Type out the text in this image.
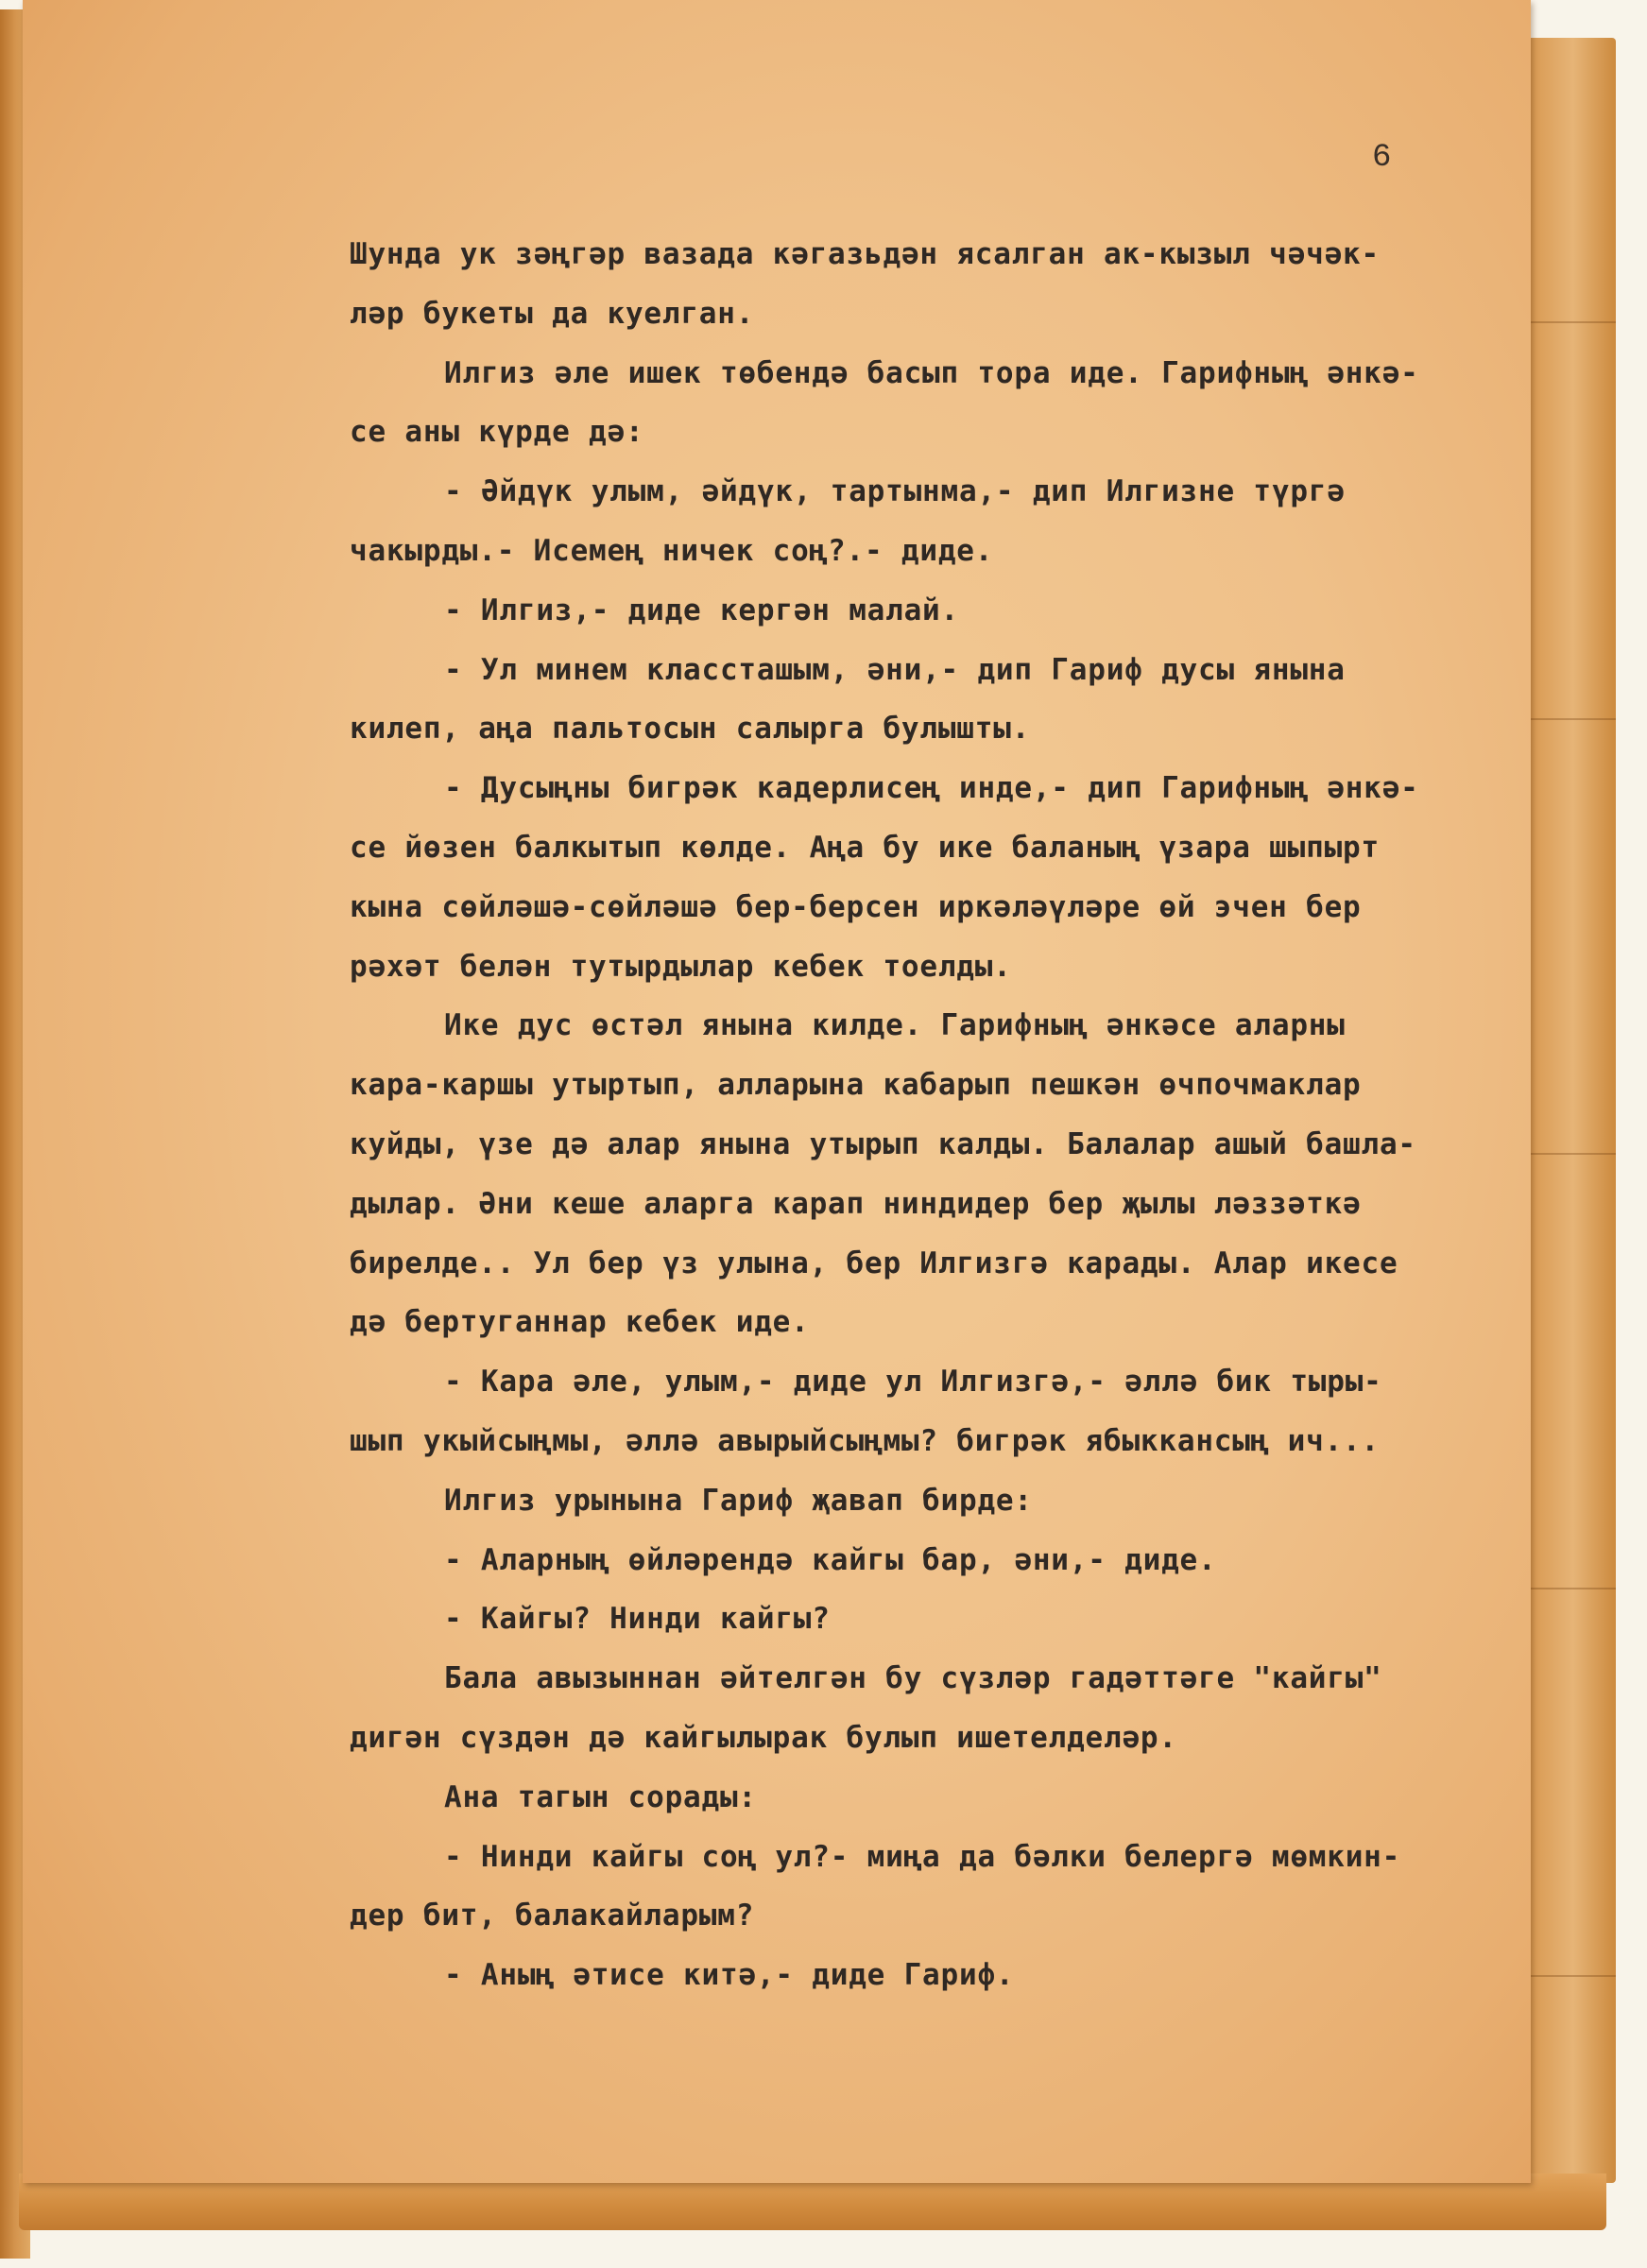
6
Шунда ук зәңгәр вазада кәгазьдән ясалган ак-кызыл чәчәк-
ләр букеты да куелган.
Илгиз әле ишек төбендә басып тора иде. Гарифның әнкә-
се аны күрде дә:
- Әйдүк улым, әйдүк, тартынма,- дип Илгизне түргә
чакырды.- Исемең ничек соң?.- диде.
- Илгиз,- диде кергән малай.
- Ул минем классташым, әни,- дип Гариф дусы янына
килеп, аңа пальтосын салырга булышты.
- Дусыңны бигрәк кадерлисең инде,- дип Гарифның әнкә-
се йөзен балкытып көлде. Аңа бу ике баланың үзара шыпырт
кына сөйләшә-сөйләшә бер-берсен иркәләүләре өй эчен бер
рәхәт белән тутырдылар кебек тоелды.
Ике дус өстәл янына килде. Гарифның әнкәсе аларны
кара-каршы утыртып, алларына кабарып пешкән өчпочмаклар
куйды, үзе дә алар янына утырып калды. Балалар ашый башла-
дылар. Әни кеше аларга карап ниндидер бер җылы ләззәткә
бирелде.. Ул бер үз улына, бер Илгизгә карады. Алар икесе
дә бертуганнар кебек иде.
- Кара әле, улым,- диде ул Илгизгә,- әллә бик тыры-
шып укыйсыңмы, әллә авырыйсыңмы? бигрәк ябыккансың ич...
Илгиз урынына Гариф җавап бирде:
- Аларның өйләрендә кайгы бар, әни,- диде.
- Кайгы? Нинди кайгы?
Бала авызыннан әйтелгән бу сүзләр гадәттәге "кайгы"
дигән сүздән дә кайгылырак булып ишетелделәр.
Ана тагын сорады:
- Нинди кайгы соң ул?- миңа да бәлки белергә мөмкин-
дер бит, балакайларым?
- Аның әтисе китә,- диде Гариф.
